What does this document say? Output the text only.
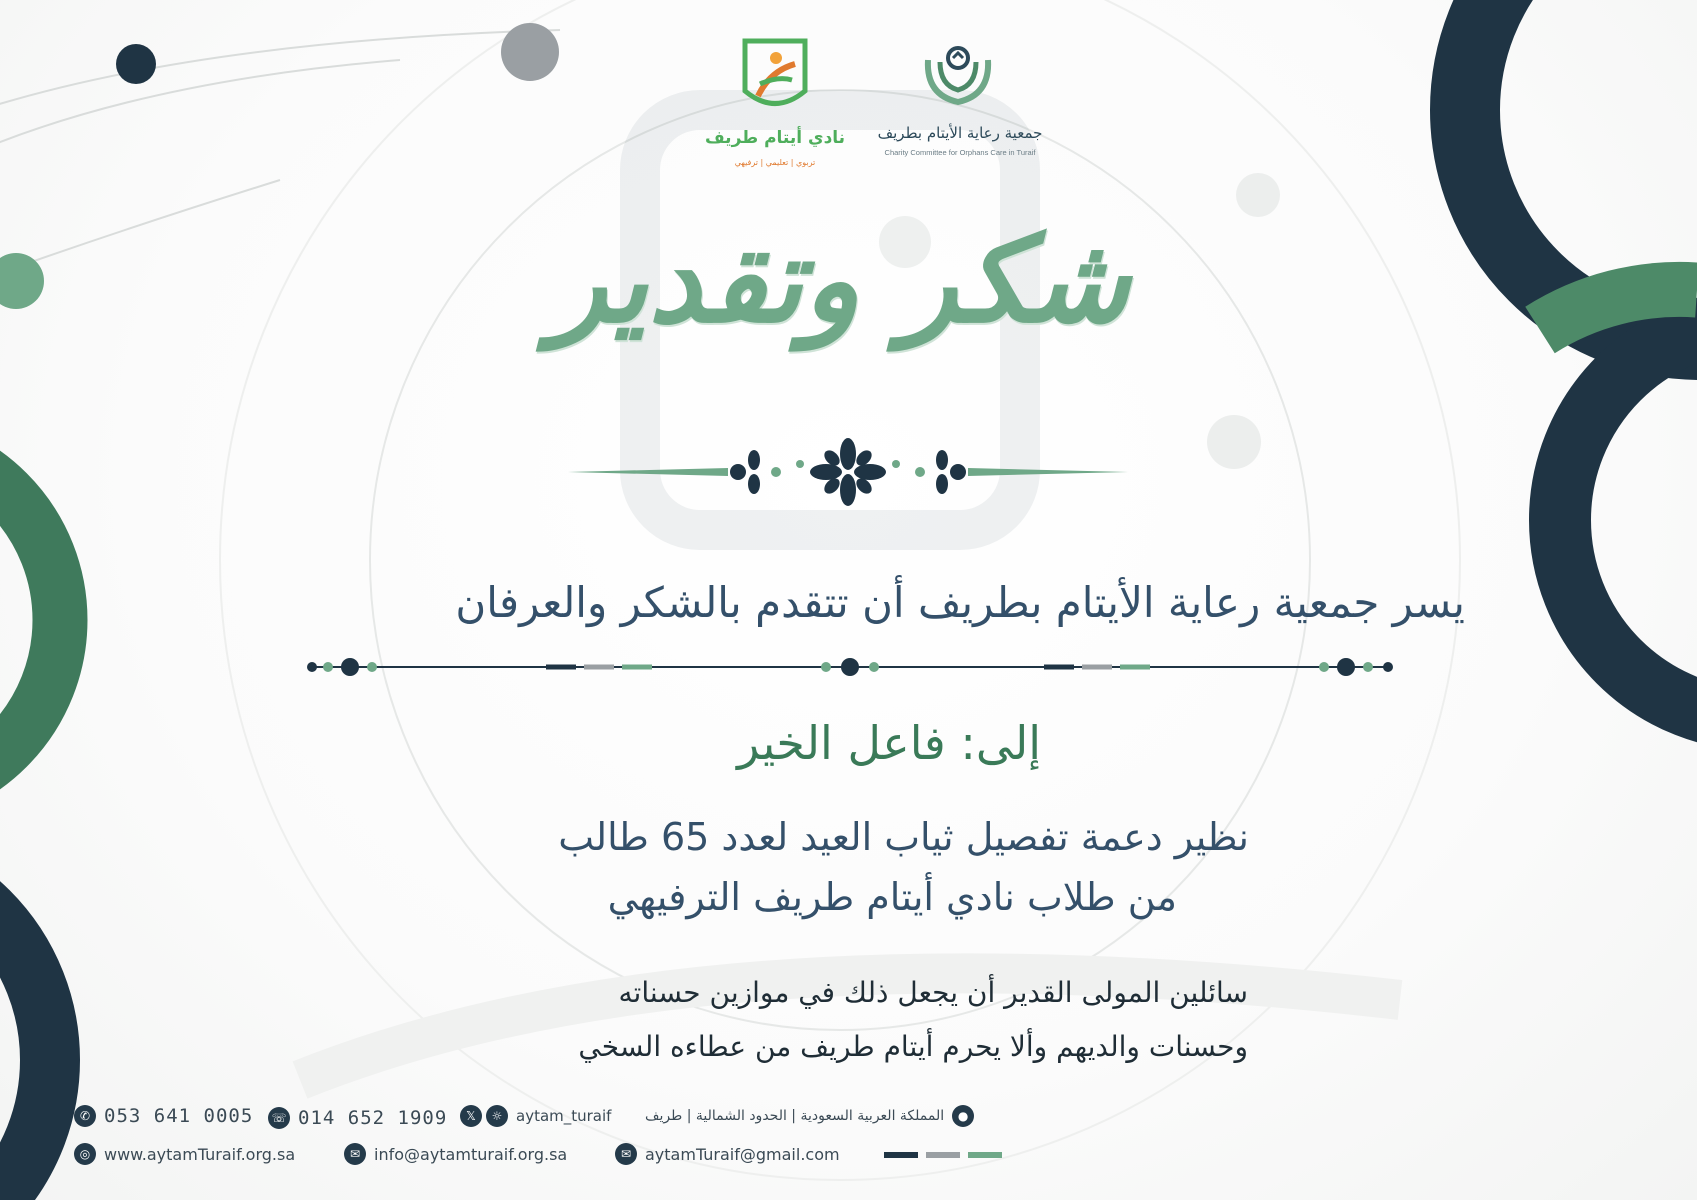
نادي أيتام طريف
تربوي | تعليمي | ترفيهي
جمعية رعاية الأيتام بطريف
Charity Committee for Orphans Care in Turaif
شكر وتقدير
يسر جمعية رعاية الأيتام بطريف أن تتقدم بالشكر والعرفان
إلى: فاعل الخير
نظير دعمة تفصيل ثياب العيد لعدد 65 طالب
من طلاب نادي أيتام طريف الترفيهي
سائلين المولى القدير أن يجعل ذلك في موازين حسناته
وحسنات والديهم وألا يحرم أيتام طريف من عطاءه السخي
✆ 053 641 0005 ☏ 014 652 1909	𝕏	☼ aytam_turaif المملكة العربية السعودية | الحدود الشمالية | طريف	●
◎ www.aytamTuraif.org.sa	✉ info@aytamturaif.org.sa	✉ aytamTuraif@gmail.com
